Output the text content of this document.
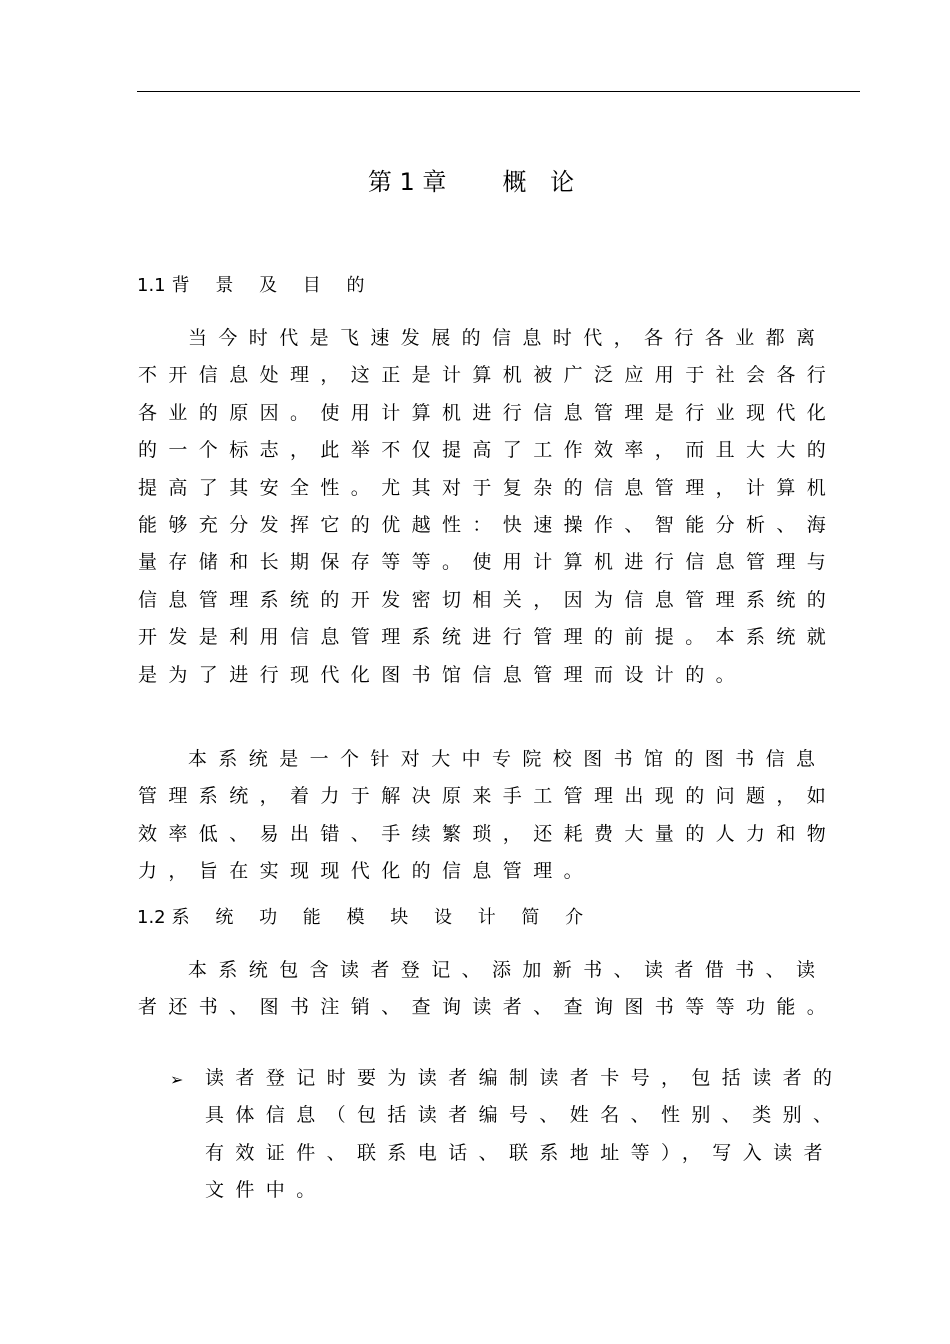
第 1 章 概 论
1.1 背 景 及 目 的
当今时代是飞速发展的信息时代，各行各业都离不开信息处理，这正是计算机被广泛应用于社会各行各业的原因。使用计算机进行信息管理是行业现代化的一个标志，此举不仅提高了工作效率，而且大大的提高了其安全性。尤其对于复杂的信息管理，计算机能够充分发挥它的优越性：快速操作、智能分析、海量存储和长期保存等等。使用计算机进行信息管理与信息管理系统的开发密切相关，因为信息管理系统的开发是利用信息管理系统进行管理的前提。本系统就是为了进行现代化图书馆信息管理而设计的。
本系统是一个针对大中专院校图书馆的图书信息管理系统，着力于解决原来手工管理出现的问题，如效率低、易出错、手续繁琐，还耗费大量的人力和物力，旨在实现现代化的信息管理。
1.2 系 统 功 能 模 块 设 计 简 介
本系统包含读者登记、添加新书、读者借书、读者还书、图书注销、查询读者、查询图书等等功能。
➢ 读者登记时要为读者编制读者卡号，包括读者的具体信息（包括读者编号、姓名、性别、类别、有效证件、联系电话、联系地址等），写入读者文件中。
